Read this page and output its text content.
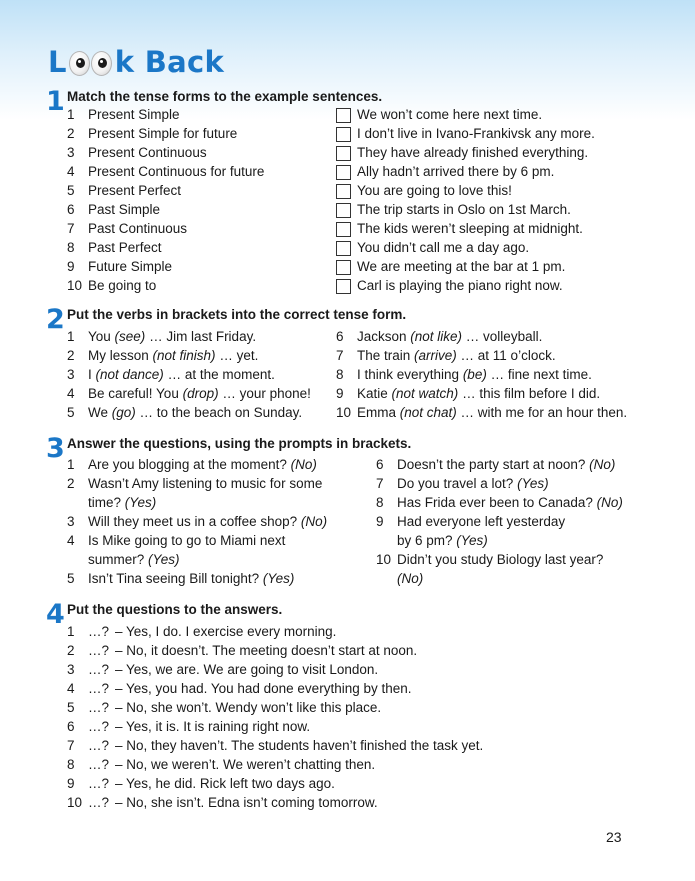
L k Back
1 Match the tense forms to the example sentences.
1 Present Simple
2 Present Simple for future
3 Present Continuous
4 Present Continuous for future
5 Present Perfect
6 Past Simple
7 Past Continuous
8 Past Perfect
9 Future Simple
10 Be going to
We won’t come here next time.
I don’t live in Ivano-Frankivsk any more.
They have already finished everything.
Ally hadn’t arrived there by 6 pm.
You are going to love this!
The trip starts in Oslo on 1st March.
The kids weren’t sleeping at midnight.
You didn’t call me a day ago.
We are meeting at the bar at 1 pm.
Carl is playing the piano right now.
2 Put the verbs in brackets into the correct tense form.
1 You (see) … Jim last Friday.
2 My lesson (not finish) … yet.
3 I (not dance) … at the moment.
4 Be careful! You (drop) … your phone!
5 We (go) … to the beach on Sunday.
6 Jackson (not like) … volleyball.
7 The train (arrive) … at 11 o’clock.
8 I think everything (be) … fine next time.
9 Katie (not watch) … this film before I did.
10 Emma (not chat) … with me for an hour then.
3 Answer the questions, using the prompts in brackets.
1 Are you blogging at the moment? (No)
2 Wasn’t Amy listening to music for some
time? (Yes)
3 Will they meet us in a coffee shop? (No)
4 Is Mike going to go to Miami next
summer? (Yes)
5 Isn’t Tina seeing Bill tonight? (Yes)
6 Doesn’t the party start at noon? (No)
7 Do you travel a lot? (Yes)
8 Has Frida ever been to Canada? (No)
9 Had everyone left yesterday
by 6 pm? (Yes)
10 Didn’t you study Biology last year?
(No)
4 Put the questions to the answers.
1 …? – Yes, I do. I exercise every morning.
2 …? – No, it doesn’t. The meeting doesn’t start at noon.
3 …? – Yes, we are. We are going to visit London.
4 …? – Yes, you had. You had done everything by then.
5 …? – No, she won’t. Wendy won’t like this place.
6 …? – Yes, it is. It is raining right now.
7 …? – No, they haven’t. The students haven’t finished the task yet.
8 …? – No, we weren’t. We weren’t chatting then.
9 …? – Yes, he did. Rick left two days ago.
10 …? – No, she isn’t. Edna isn’t coming tomorrow.
23
